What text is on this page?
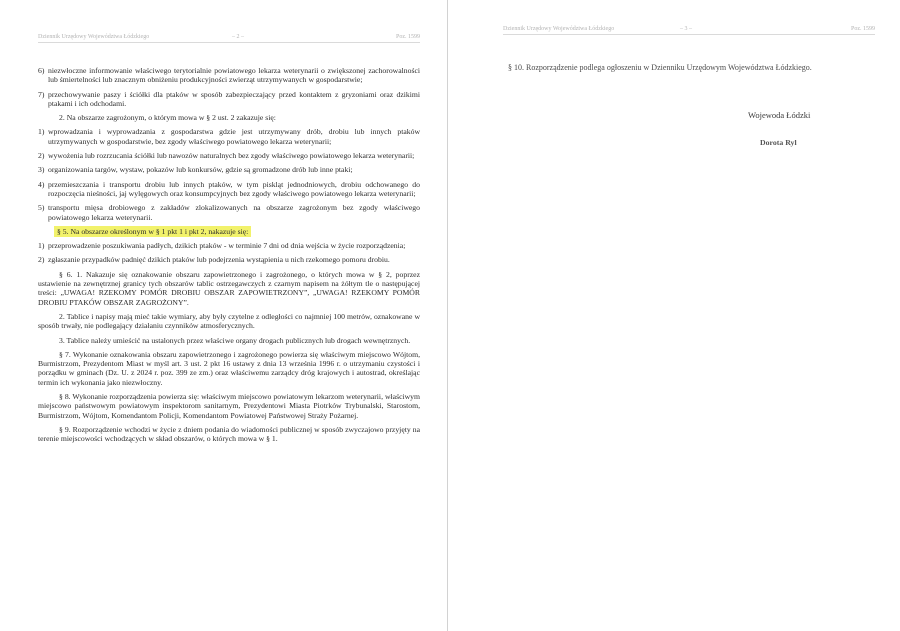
Dziennik Urzędowy Województwa Łódzkiego	– 2 –	Poz. 1599
6) niezwłoczne informowanie właściwego terytorialnie powiatowego lekarza weterynarii o zwiększonej zachorowalności lub śmiertelności lub znacznym obniżeniu produkcyjności zwierząt utrzymywanych w gospodarstwie;
7) przechowywanie paszy i ściółki dla ptaków w sposób zabezpieczający przed kontaktem z gryzoniami oraz dzikimi ptakami i ich odchodami.
2. Na obszarze zagrożonym, o którym mowa w § 2 ust. 2 zakazuje się:
1) wprowadzania i wyprowadzania z gospodarstwa gdzie jest utrzymywany drób, drobiu lub innych ptaków utrzymywanych w gospodarstwie, bez zgody właściwego powiatowego lekarza weterynarii;
2) wywożenia lub rozrzucania ściółki lub nawozów naturalnych bez zgody właściwego powiatowego lekarza weterynarii;
3) organizowania targów, wystaw, pokazów lub konkursów, gdzie są gromadzone drób lub inne ptaki;
4) przemieszczania i transportu drobiu lub innych ptaków, w tym piskląt jednodniowych, drobiu odchowanego do rozpoczęcia nieśności, jaj wylęgowych oraz konsumpcyjnych bez zgody właściwego powiatowego lekarza weterynarii;
5) transportu mięsa drobiowego z zakładów zlokalizowanych na obszarze zagrożonym bez zgody właściwego powiatowego lekarza weterynarii.
§ 5. Na obszarze określonym w § 1 pkt 1 i pkt 2, nakazuje się:
1) przeprowadzenie poszukiwania padłych, dzikich ptaków - w terminie 7 dni od dnia wejścia w życie rozporządzenia;
2) zgłaszanie przypadków padnięć dzikich ptaków lub podejrzenia wystąpienia u nich rzekomego pomoru drobiu.
§ 6. 1. Nakazuje się oznakowanie obszaru zapowietrzonego i zagrożonego, o których mowa w § 2, poprzez ustawienie na zewnętrznej granicy tych obszarów tablic ostrzegawczych z czarnym napisem na żółtym tle o następującej treści: „UWAGA! RZEKOMY POMÓR DROBIU OBSZAR ZAPOWIETRZONY”, „UWAGA! RZEKOMY POMÓR DROBIU PTAKÓW OBSZAR ZAGROŻONY”.
2. Tablice i napisy mają mieć takie wymiary, aby były czytelne z odległości co najmniej 100 metrów, oznakowane w sposób trwały, nie podlegający działaniu czynników atmosferycznych.
3. Tablice należy umieścić na ustalonych przez właściwe organy drogach publicznych lub drogach wewnętrznych.
§ 7. Wykonanie oznakowania obszaru zapowietrzonego i zagrożonego powierza się właściwym miejscowo Wójtom, Burmistrzom, Prezydentom Miast w myśl art. 3 ust. 2 pkt 16 ustawy z dnia 13 września 1996 r. o utrzymaniu czystości i porządku w gminach (Dz. U. z 2024 r. poz. 399 ze zm.) oraz właściwemu zarządcy dróg krajowych i autostrad, określając termin ich wykonania jako niezwłoczny.
§ 8. Wykonanie rozporządzenia powierza się: właściwym miejscowo powiatowym lekarzom weterynarii, właściwym miejscowo państwowym powiatowym inspektorom sanitarnym, Prezydentowi Miasta Piotrków Trybunalski, Starostom, Burmistrzom, Wójtom, Komendantom Policji, Komendantom Powiatowej Państwowej Straży Pożarnej.
§ 9. Rozporządzenie wchodzi w życie z dniem podania do wiadomości publicznej w sposób zwyczajowo przyjęty na terenie miejscowości wchodzących w skład obszarów, o których mowa w § 1.
Dziennik Urzędowy Województwa Łódzkiego	– 3 –	Poz. 1599
§ 10. Rozporządzenie podlega ogłoszeniu w Dzienniku Urzędowym Województwa Łódzkiego.
Wojewoda Łódzki
Dorota Ryl
